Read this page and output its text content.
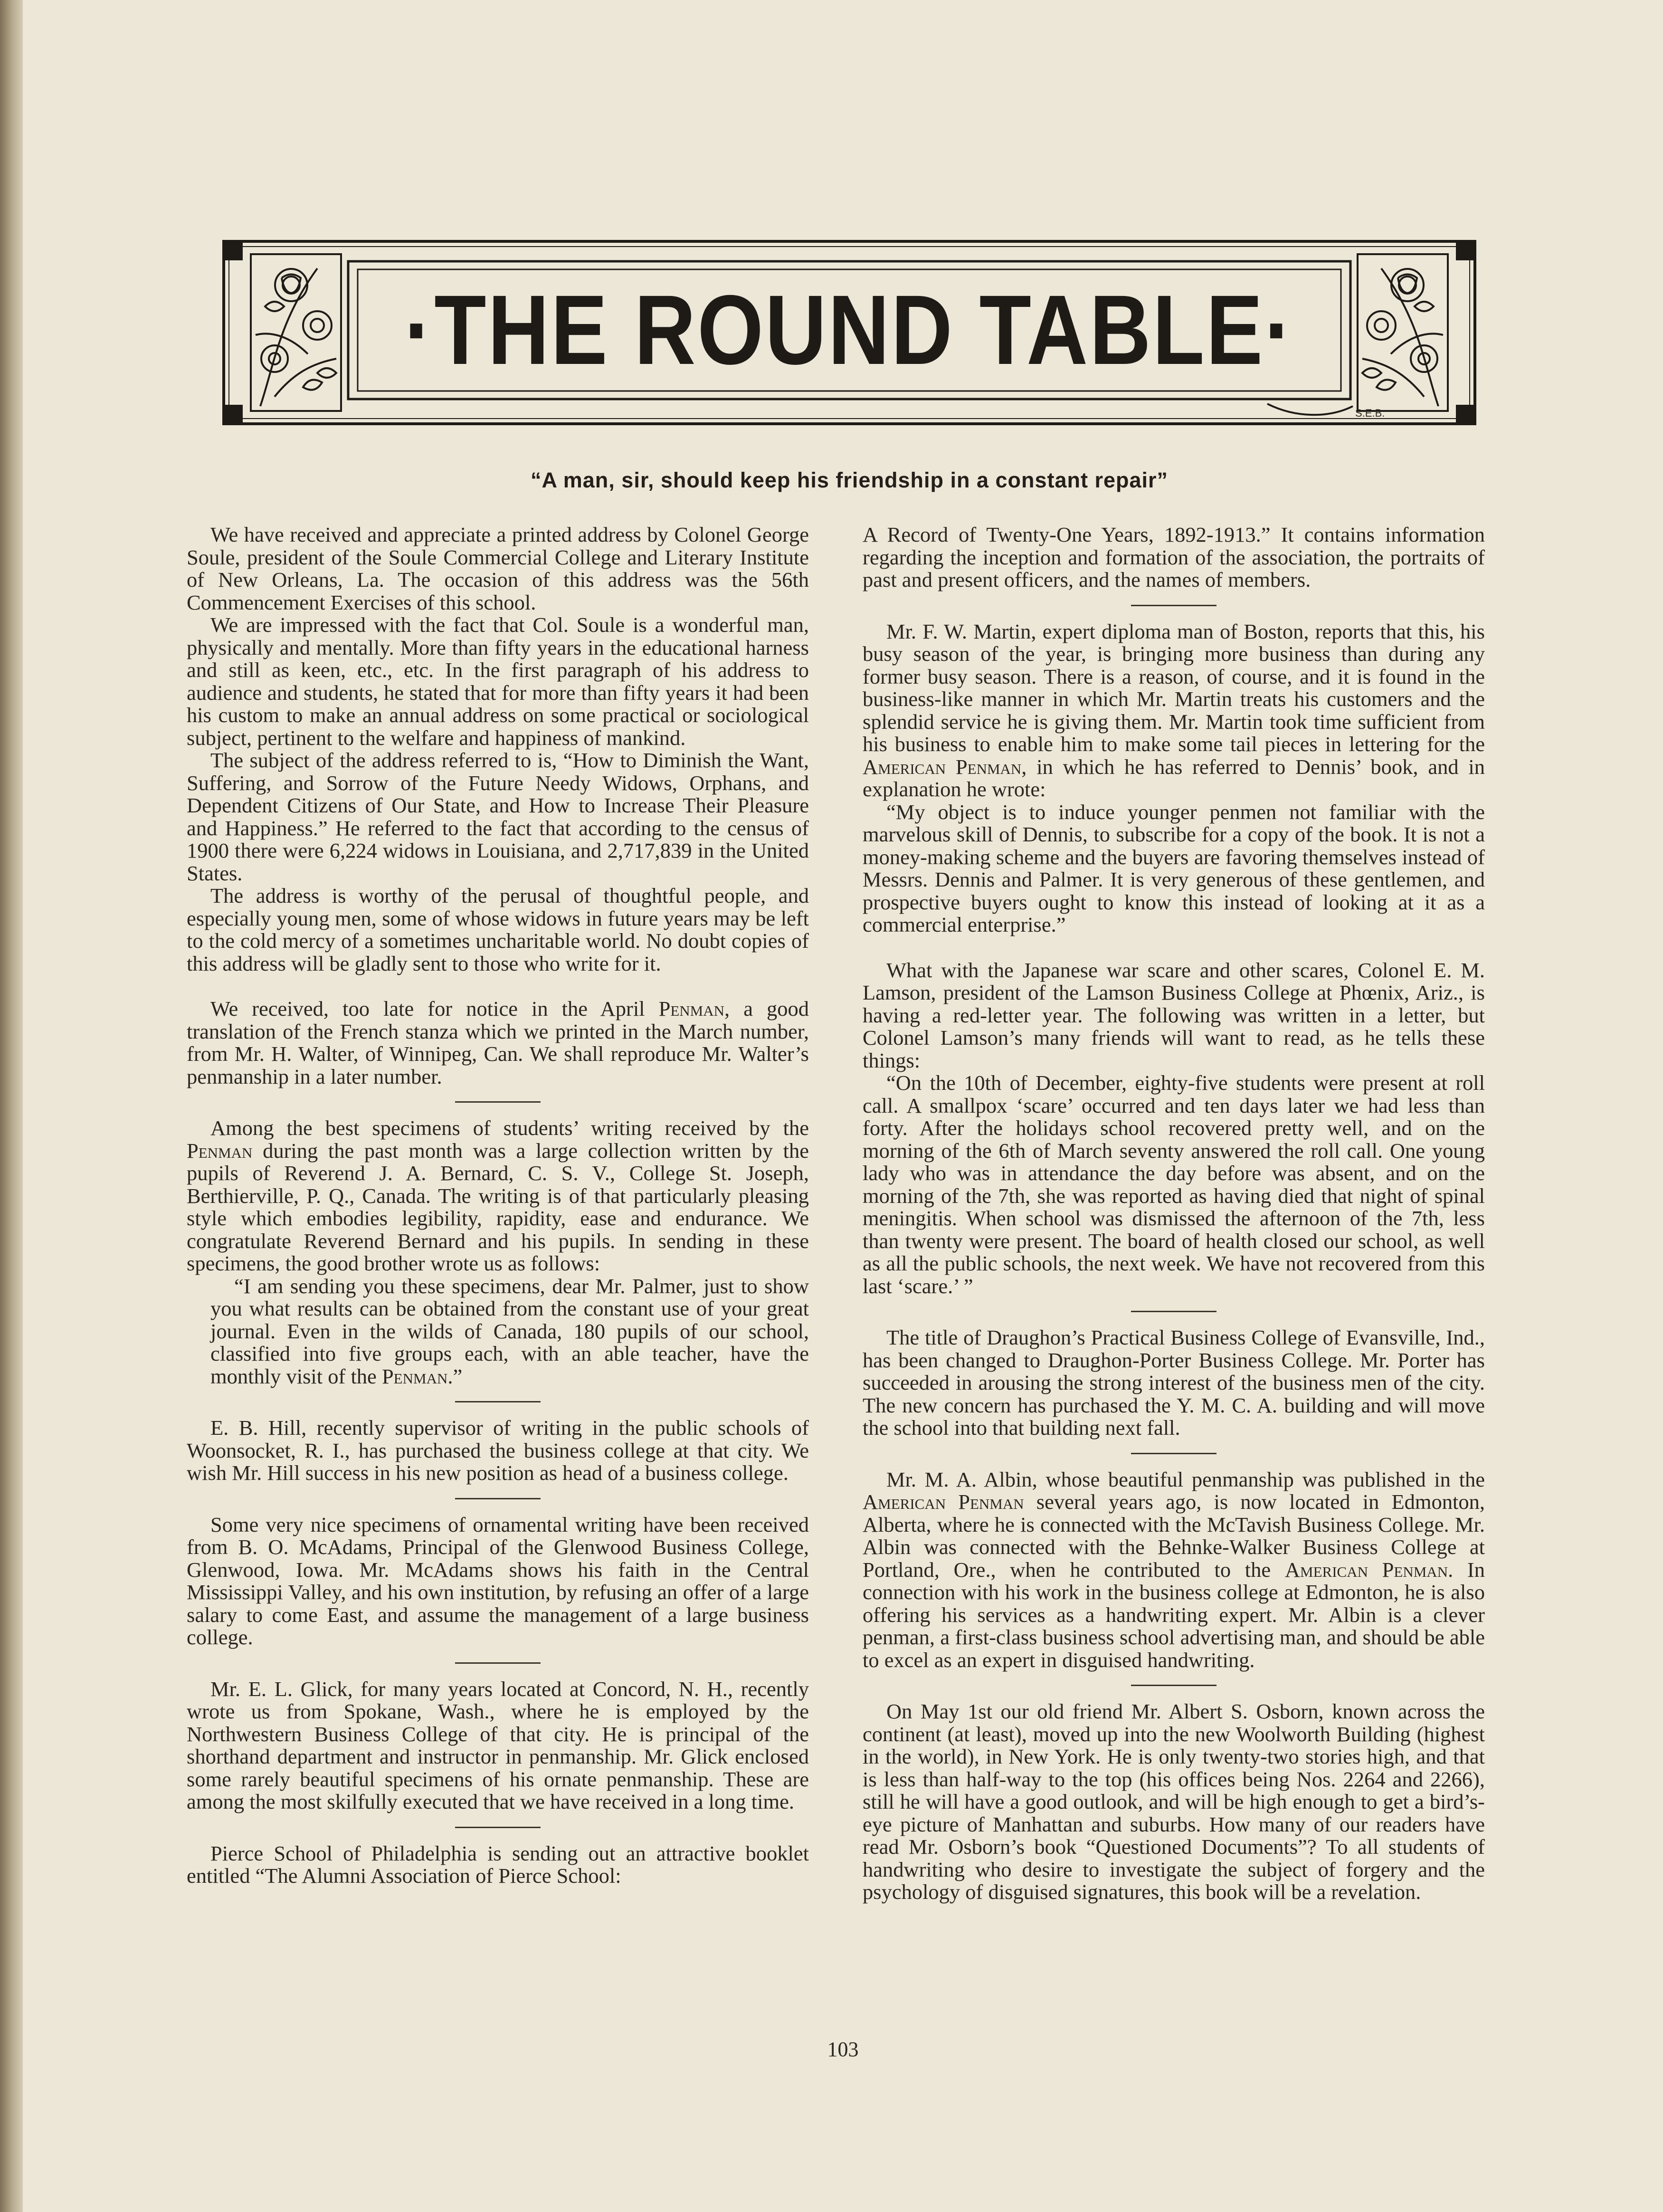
·THE ROUND TABLE·
S.E.B.
“A man, sir, should keep his friendship in a constant repair”

We have received and appreciate a printed address by Colonel George Soule, president of the Soule Commercial College and Literary Institute of New Orleans, La. The occasion of this address was the 56th Commencement Exercises of this school.

We are impressed with the fact that Col. Soule is a wonderful man, physically and mentally. More than fifty years in the educational harness and still as keen, etc., etc. In the first paragraph of his address to audience and students, he stated that for more than fifty years it had been his custom to make an annual address on some practical or sociological subject, pertinent to the welfare and happiness of mankind.

The subject of the address referred to is, “How to Diminish the Want, Suffering, and Sorrow of the Future Needy Widows, Orphans, and Dependent Citizens of Our State, and How to Increase Their Pleasure and Happiness.” He referred to the fact that according to the census of 1900 there were 6,224 widows in Louisiana, and 2,717,839 in the United States.

The address is worthy of the perusal of thoughtful people, and especially young men, some of whose widows in future years may be left to the cold mercy of a sometimes uncharitable world. No doubt copies of this address will be gladly sent to those who write for it.

We received, too late for notice in the April Penman, a good translation of the French stanza which we printed in the March number, from Mr. H. Walter, of Winnipeg, Can. We shall reproduce Mr. Walter’s penmanship in a later number.

Among the best specimens of students’ writing received by the Penman during the past month was a large collection written by the pupils of Reverend J. A. Bernard, C. S. V., College St. Joseph, Berthierville, P. Q., Canada. The writing is of that particularly pleasing style which embodies legibility, rapidity, ease and endurance. We congratulate Reverend Bernard and his pupils. In sending in these specimens, the good brother wrote us as follows:

“I am sending you these specimens, dear Mr. Palmer, just to show you what results can be obtained from the constant use of your great journal. Even in the wilds of Canada, 180 pupils of our school, classified into five groups each, with an able teacher, have the monthly visit of the Penman.”

E. B. Hill, recently supervisor of writing in the public schools of Woonsocket, R. I., has purchased the business college at that city. We wish Mr. Hill success in his new position as head of a business college.

Some very nice specimens of ornamental writing have been received from B. O. McAdams, Principal of the Glenwood Business College, Glenwood, Iowa. Mr. McAdams shows his faith in the Central Mississippi Valley, and his own institution, by refusing an offer of a large salary to come East, and assume the management of a large business college.

Mr. E. L. Glick, for many years located at Concord, N. H., recently wrote us from Spokane, Wash., where he is employed by the Northwestern Business College of that city. He is principal of the shorthand department and instructor in penmanship. Mr. Glick enclosed some rarely beautiful specimens of his ornate penmanship. These are among the most skilfully executed that we have received in a long time.

Pierce School of Philadelphia is sending out an attractive booklet entitled “The Alumni Association of Pierce School:

A Record of Twenty-One Years, 1892-1913.” It contains information regarding the inception and formation of the association, the portraits of past and present officers, and the names of members.

Mr. F. W. Martin, expert diploma man of Boston, reports that this, his busy season of the year, is bringing more business than during any former busy season. There is a reason, of course, and it is found in the business-like manner in which Mr. Martin treats his customers and the splendid service he is giving them. Mr. Martin took time sufficient from his business to enable him to make some tail pieces in lettering for the American Penman, in which he has referred to Dennis’ book, and in explanation he wrote:

“My object is to induce younger penmen not familiar with the marvelous skill of Dennis, to subscribe for a copy of the book. It is not a money-making scheme and the buyers are favoring themselves instead of Messrs. Dennis and Palmer. It is very generous of these gentlemen, and prospective buyers ought to know this instead of looking at it as a commercial enterprise.”

What with the Japanese war scare and other scares, Colonel E. M. Lamson, president of the Lamson Business College at Phœnix, Ariz., is having a red-letter year. The following was written in a letter, but Colonel Lamson’s many friends will want to read, as he tells these things:

“On the 10th of December, eighty-five students were present at roll call. A smallpox ‘scare’ occurred and ten days later we had less than forty. After the holidays school recovered pretty well, and on the morning of the 6th of March seventy answered the roll call. One young lady who was in attendance the day before was absent, and on the morning of the 7th, she was reported as having died that night of spinal meningitis. When school was dismissed the afternoon of the 7th, less than twenty were present. The board of health closed our school, as well as all the public schools, the next week. We have not recovered from this last ‘scare.’ ”

The title of Draughon’s Practical Business College of Evansville, Ind., has been changed to Draughon-Porter Business College. Mr. Porter has succeeded in arousing the strong interest of the business men of the city. The new concern has purchased the Y. M. C. A. building and will move the school into that building next fall.

Mr. M. A. Albin, whose beautiful penmanship was published in the American Penman several years ago, is now located in Edmonton, Alberta, where he is connected with the McTavish Business College. Mr. Albin was connected with the Behnke-Walker Business College at Portland, Ore., when he contributed to the American Penman. In connection with his work in the business college at Edmonton, he is also offering his services as a handwriting expert. Mr. Albin is a clever penman, a first-class business school advertising man, and should be able to excel as an expert in disguised handwriting.

On May 1st our old friend Mr. Albert S. Osborn, known across the continent (at least), moved up into the new Woolworth Building (highest in the world), in New York. He is only twenty-two stories high, and that is less than half-way to the top (his offices being Nos. 2264 and 2266), still he will have a good outlook, and will be high enough to get a bird’s-eye picture of Manhattan and suburbs. How many of our readers have read Mr. Osborn’s book “Questioned Documents”? To all students of handwriting who desire to investigate the subject of forgery and the psychology of disguised signatures, this book will be a revelation.

103
